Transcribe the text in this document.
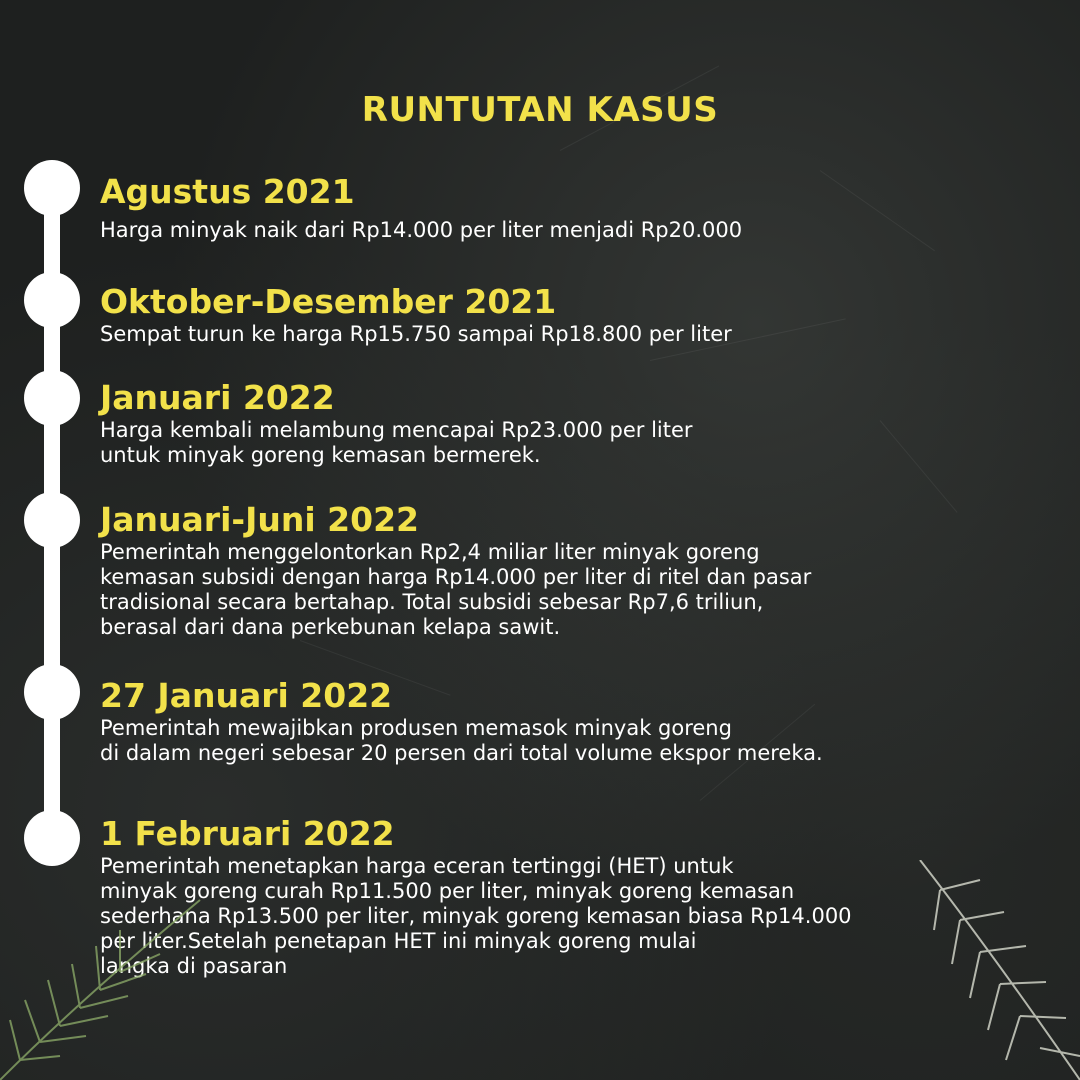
RUNTUTAN KASUS
Agustus 2021

Harga minyak naik dari Rp14.000 per liter menjadi Rp20.000

Oktober-Desember 2021

Sempat turun ke harga Rp15.750 sampai Rp18.800 per liter

Januari 2022

Harga kembali melambung mencapai Rp23.000 per liter
untuk minyak goreng kemasan bermerek.

Januari-Juni 2022

Pemerintah menggelontorkan Rp2,4 miliar liter minyak goreng
kemasan subsidi dengan harga Rp14.000 per liter di ritel dan pasar
tradisional secara bertahap. Total subsidi sebesar Rp7,6 triliun,
berasal dari dana perkebunan kelapa sawit.

27 Januari 2022

Pemerintah mewajibkan produsen memasok minyak goreng
di dalam negeri sebesar 20 persen dari total volume ekspor mereka.

1 Februari 2022

Pemerintah menetapkan harga eceran tertinggi (HET) untuk
minyak goreng curah Rp11.500 per liter, minyak goreng kemasan
sederhana Rp13.500 per liter, minyak goreng kemasan biasa Rp14.000
per liter.Setelah penetapan HET ini minyak goreng mulai
langka di pasaran
